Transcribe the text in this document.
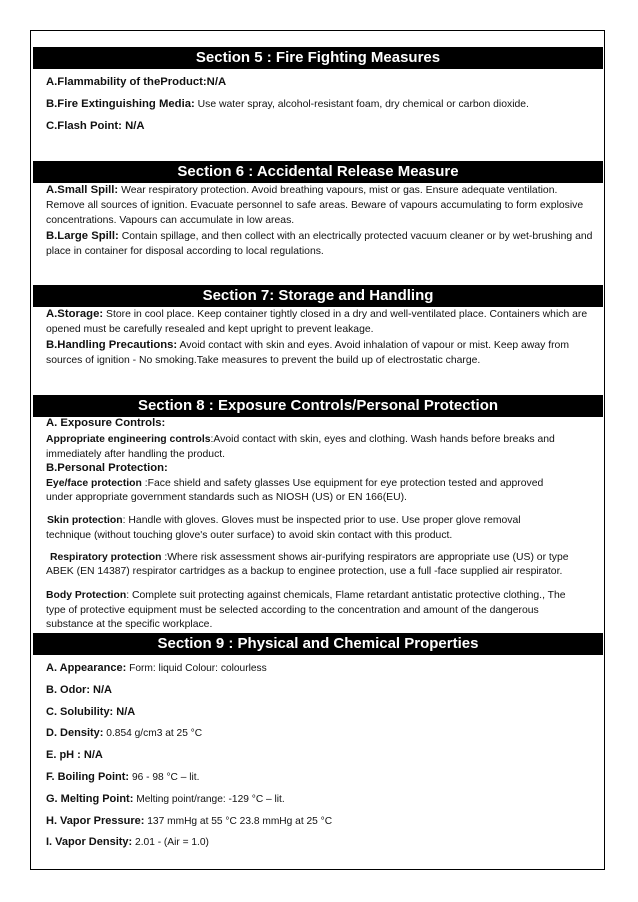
Section 5 : Fire Fighting Measures
A.Flammability of theProduct:N/A
B.Fire Extinguishing Media: Use water spray, alcohol-resistant foam, dry chemical or carbon dioxide.
C.Flash Point: N/A
Section 6 : Accidental Release Measure
A.Small Spill: Wear respiratory protection. Avoid breathing vapours, mist or gas. Ensure adequate ventilation.
Remove all sources of ignition. Evacuate personnel to safe areas. Beware of vapours accumulating to form explosive
concentrations. Vapours can accumulate in low areas.
B.Large Spill: Contain spillage, and then collect with an electrically protected vacuum cleaner or by wet-brushing and
place in container for disposal according to local regulations.
Section 7: Storage and Handling
A.Storage: Store in cool place. Keep container tightly closed in a dry and well-ventilated place. Containers which are
opened must be carefully resealed and kept upright to prevent leakage.
B.Handling Precautions: Avoid contact with skin and eyes. Avoid inhalation of vapour or mist. Keep away from
sources of ignition - No smoking.Take measures to prevent the build up of electrostatic charge.
Section 8 : Exposure Controls/Personal Protection
A. Exposure Controls:
Appropriate engineering controls:Avoid contact with skin, eyes and clothing. Wash hands before breaks and
immediately after handling the product.
B.Personal Protection:
Eye/face protection :Face shield and safety glasses Use equipment for eye protection tested and approved
under appropriate government standards such as NIOSH (US) or EN 166(EU).
Skin protection: Handle with gloves. Gloves must be inspected prior to use. Use proper glove removal
technique (without touching glove's outer surface) to avoid skin contact with this product.
Respiratory protection :Where risk assessment shows air-purifying respirators are appropriate use (US) or type
ABEK (EN 14387) respirator cartridges as a backup to enginee protection, use a full -face supplied air respirator.
Body Protection: Complete suit protecting against chemicals, Flame retardant antistatic protective clothing., The
type of protective equipment must be selected according to the concentration and amount of the dangerous
substance at the specific workplace.
Section 9 : Physical and Chemical Properties
A. Appearance: Form: liquid Colour: colourless
B. Odor: N/A
C. Solubility: N/A
D. Density: 0.854 g/cm3 at 25 °C
E. pH : N/A
F. Boiling Point: 96 - 98 °C – lit.
G. Melting Point: Melting point/range: -129 °C – lit.
H. Vapor Pressure: 137 mmHg at 55 °C 23.8 mmHg at 25 °C
I. Vapor Density: 2.01 - (Air = 1.0)
